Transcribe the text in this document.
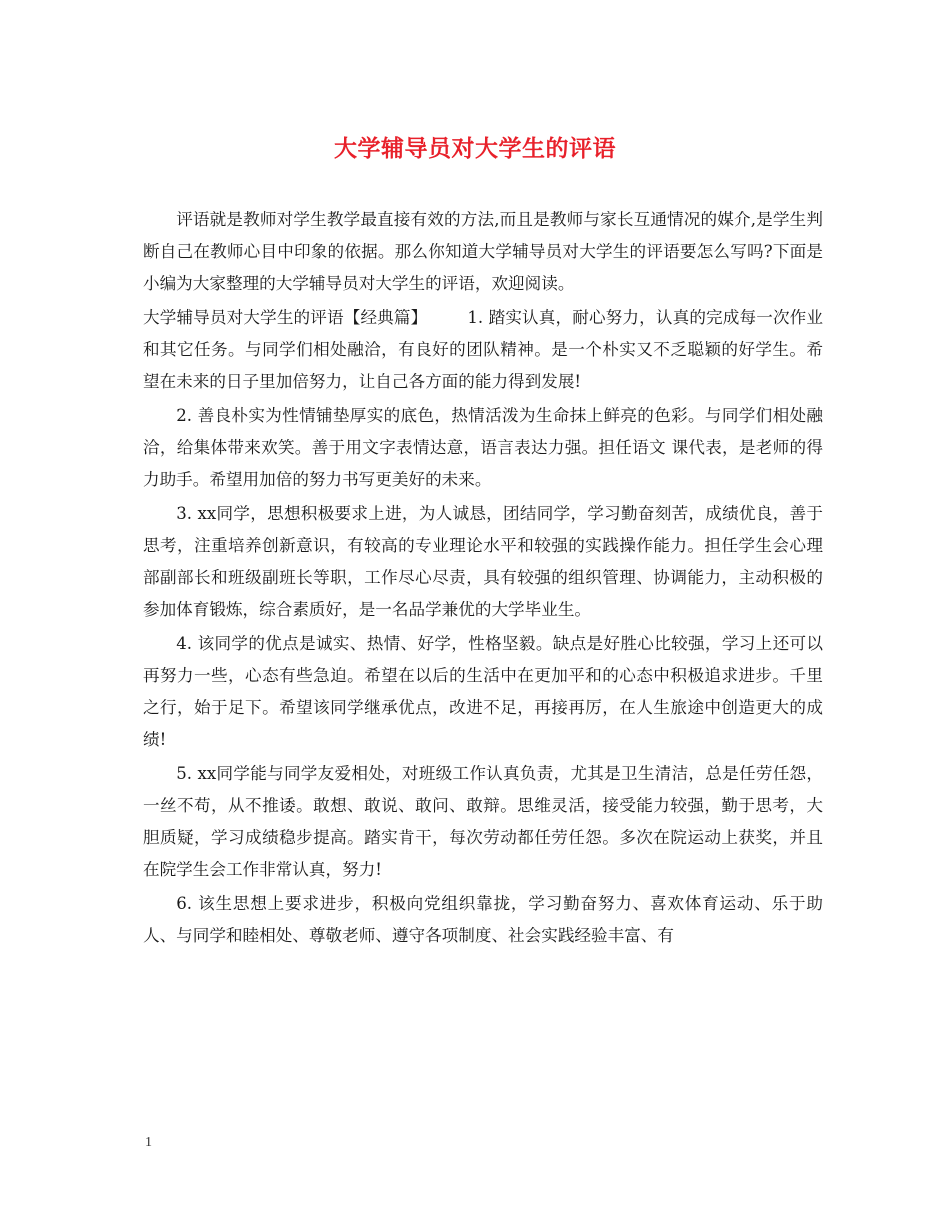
大学辅导员对大学生的评语

评语就是教师对学生教学最直接有效的方法,而且是教师与家长互通情况的媒介,是学生判断自己在教师心目中印象的依据。那么你知道大学辅导员对大学生的评语要怎么写吗?下面是小编为大家整理的大学辅导员对大学生的评语，欢迎阅读。

大学辅导员对大学生的评语【经典篇】 1. 踏实认真，耐心努力，认真的完成每一次作业和其它任务。与同学们相处融洽，有良好的团队精神。是一个朴实又不乏聪颖的好学生。希望在未来的日子里加倍努力，让自己各方面的能力得到发展!

2. 善良朴实为性情铺垫厚实的底色，热情活泼为生命抹上鲜亮的色彩。与同学们相处融洽，给集体带来欢笑。善于用文字表情达意，语言表达力强。担任语文 课代表，是老师的得力助手。希望用加倍的努力书写更美好的未来。

3. xx同学，思想积极要求上进，为人诚恳，团结同学，学习勤奋刻苦，成绩优良，善于思考，注重培养创新意识，有较高的专业理论水平和较强的实践操作能力。担任学生会心理部副部长和班级副班长等职，工作尽心尽责，具有较强的组织管理、协调能力，主动积极的参加体育锻炼，综合素质好，是一名品学兼优的大学毕业生。

4. 该同学的优点是诚实、热情、好学，性格坚毅。缺点是好胜心比较强，学习上还可以再努力一些，心态有些急迫。希望在以后的生活中在更加平和的心态中积极追求进步。千里之行，始于足下。希望该同学继承优点，改进不足，再接再厉，在人生旅途中创造更大的成绩!

5. xx同学能与同学友爱相处，对班级工作认真负责，尤其是卫生清洁，总是任劳任怨，一丝不苟，从不推诿。敢想、敢说、敢问、敢辩。思维灵活，接受能力较强，勤于思考，大胆质疑，学习成绩稳步提高。踏实肯干，每次劳动都任劳任怨。多次在院运动上获奖，并且在院学生会工作非常认真，努力!

6. 该生思想上要求进步，积极向党组织靠拢，学习勤奋努力、喜欢体育运动、乐于助人、与同学和睦相处、尊敬老师、遵守各项制度、社会实践经验丰富、有

1
